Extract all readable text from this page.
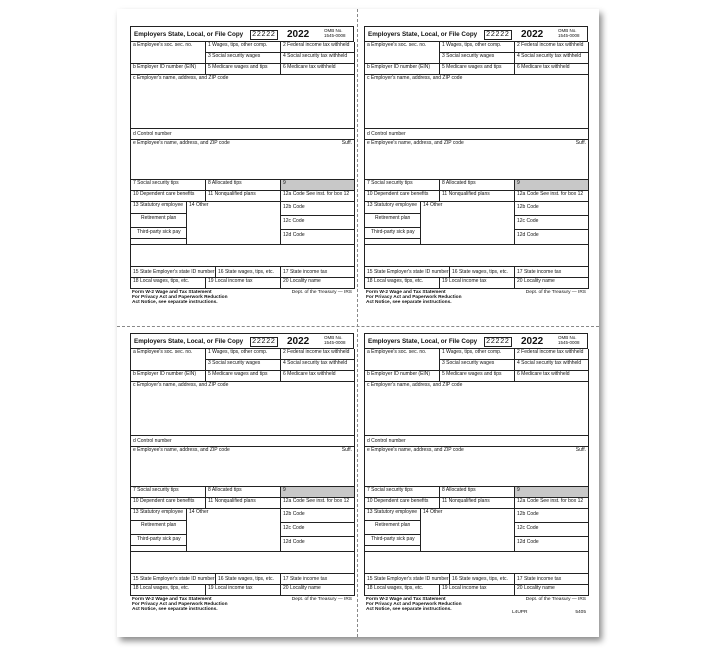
Employers State, Local, or File Copy 22222 2022	OMB No.
1545-0008
a Employee's soc. sec. no.	1 Wages, tips, other comp.	2 Federal income tax withheld
3 Social security wages	4 Social security tax withheld
b Employer ID number (EIN) 5 Medicare wages and tips	6 Medicare tax withheld
c Employer's name, address, and ZIP code
d Control number
e Employee's name, address, and ZIP code	Suff.
7 Social security tips	8 Allocated tips	9
10 Dependent care benefits	11 Nonqualified plans	12a Code See inst. for box 12
13 Statutory employee
Retirement plan
Third-party sick pay
14 Other	12b Code
12c Code
12d Code
15 State Employer's state ID number 16 State wages, tips, etc. 17 State income tax
18 Local wages, tips, etc.	19 Local income tax	20 Locality name
Form W-2 Wage and Tax Statement
For Privacy Act and Paperwork Reduction
Act Notice, see separate instructions.
Dept. of the Treasury — IRS
Employers State, Local, or File Copy 22222 2022	OMB No.
1545-0008
a Employee's soc. sec. no.	1 Wages, tips, other comp.	2 Federal income tax withheld
3 Social security wages	4 Social security tax withheld
b Employer ID number (EIN) 5 Medicare wages and tips	6 Medicare tax withheld
c Employer's name, address, and ZIP code
d Control number
e Employee's name, address, and ZIP code	Suff.
7 Social security tips	8 Allocated tips	9
10 Dependent care benefits	11 Nonqualified plans	12a Code See inst. for box 12
13 Statutory employee
Retirement plan
Third-party sick pay
14 Other	12b Code
12c Code
12d Code
15 State Employer's state ID number 16 State wages, tips, etc. 17 State income tax
18 Local wages, tips, etc.	19 Local income tax	20 Locality name
Form W-2 Wage and Tax Statement
For Privacy Act and Paperwork Reduction
Act Notice, see separate instructions.
Dept. of the Treasury — IRS
Employers State, Local, or File Copy 22222 2022	OMB No.
1545-0008
a Employee's soc. sec. no.	1 Wages, tips, other comp.	2 Federal income tax withheld
3 Social security wages	4 Social security tax withheld
b Employer ID number (EIN) 5 Medicare wages and tips	6 Medicare tax withheld
c Employer's name, address, and ZIP code
d Control number
e Employee's name, address, and ZIP code	Suff.
7 Social security tips	8 Allocated tips	9
10 Dependent care benefits	11 Nonqualified plans	12a Code See inst. for box 12
13 Statutory employee
Retirement plan
Third-party sick pay
14 Other	12b Code
12c Code
12d Code
15 State Employer's state ID number 16 State wages, tips, etc. 17 State income tax
18 Local wages, tips, etc.	19 Local income tax	20 Locality name
Form W-2 Wage and Tax Statement
For Privacy Act and Paperwork Reduction
Act Notice, see separate instructions.
Dept. of the Treasury — IRS
Employers State, Local, or File Copy 22222 2022	OMB No.
1545-0008
a Employee's soc. sec. no.	1 Wages, tips, other comp.	2 Federal income tax withheld
3 Social security wages	4 Social security tax withheld
b Employer ID number (EIN) 5 Medicare wages and tips	6 Medicare tax withheld
c Employer's name, address, and ZIP code
d Control number
e Employee's name, address, and ZIP code	Suff.
7 Social security tips	8 Allocated tips	9
10 Dependent care benefits	11 Nonqualified plans	12a Code See inst. for box 12
13 Statutory employee
Retirement plan
Third-party sick pay
14 Other	12b Code
12c Code
12d Code
15 State Employer's state ID number 16 State wages, tips, etc. 17 State income tax
18 Local wages, tips, etc.	19 Local income tax	20 Locality name
Form W-2 Wage and Tax Statement
For Privacy Act and Paperwork Reduction
Act Notice, see separate instructions.
Dept. of the Treasury — IRS
L4UPR	5405
